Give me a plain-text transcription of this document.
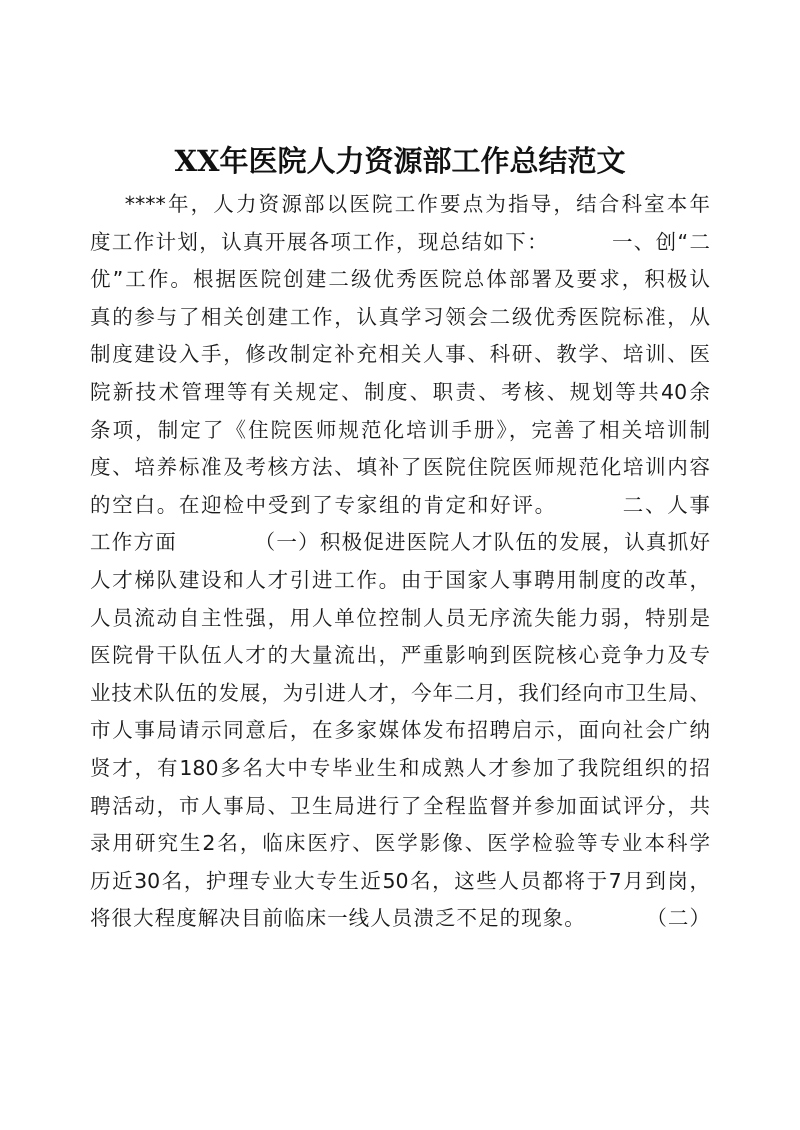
XX年医院人力资源部工作总结范文
****年，人力资源部以医院工作要点为指导，结合科室本年
度工作计划，认真开展各项工作，现总结如下：        一、创“二
优”工作。根据医院创建二级优秀医院总体部署及要求，积极认
真的参与了相关创建工作，认真学习领会二级优秀医院标准，从
制度建设入手，修改制定补充相关人事、科研、教学、培训、医
院新技术管理等有关规定、制度、职责、考核、规划等共40余
条项，制定了《住院医师规范化培训手册》，完善了相关培训制
度、培养标准及考核方法、填补了医院住院医师规范化培训内容
的空白。在迎检中受到了专家组的肯定和好评。        二、人事
工作方面          （一）积极促进医院人才队伍的发展，认真抓好
人才梯队建设和人才引进工作。由于国家人事聘用制度的改革，
人员流动自主性强，用人单位控制人员无序流失能力弱，特别是
医院骨干队伍人才的大量流出，严重影响到医院核心竞争力及专
业技术队伍的发展，为引进人才，今年二月，我们经向市卫生局、
市人事局请示同意后，在多家媒体发布招聘启示，面向社会广纳
贤才，有180多名大中专毕业生和成熟人才参加了我院组织的招
聘活动，市人事局、卫生局进行了全程监督并参加面试评分，共
录用研究生2名，临床医疗、医学影像、医学检验等专业本科学
历近30名，护理专业大专生近50名，这些人员都将于7月到岗，
将很大程度解决目前临床一线人员溃乏不足的现象。        （二）
